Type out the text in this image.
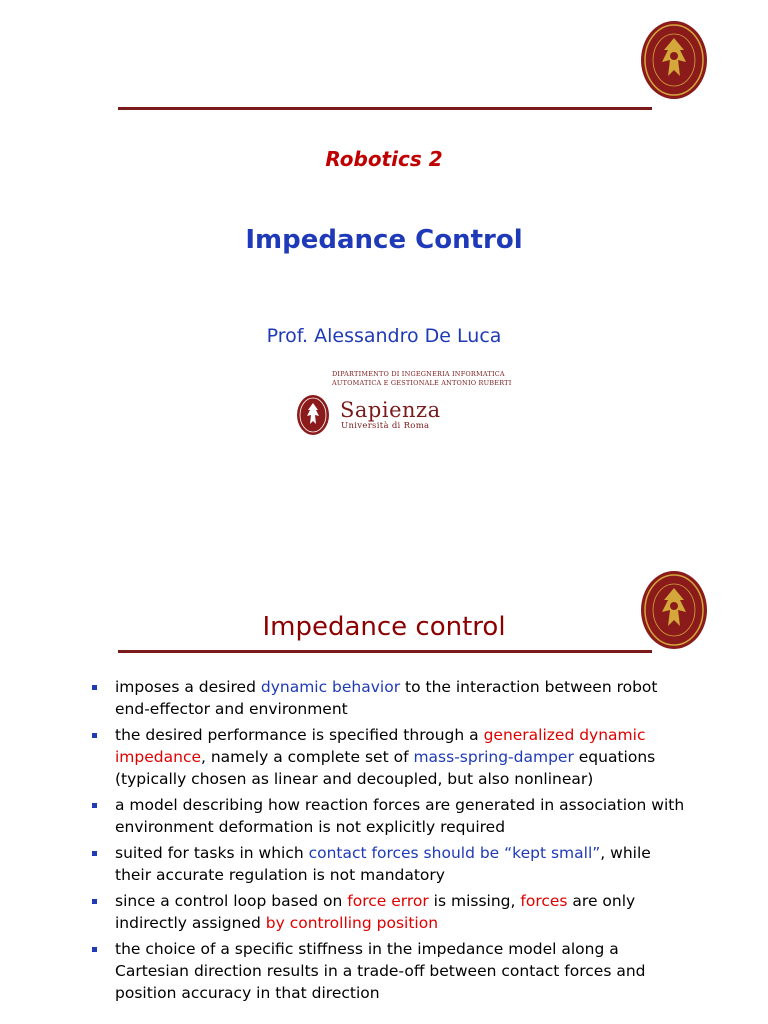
Robotics 2
Impedance Control
Prof. Alessandro De Luca
DIPARTIMENTO DI INGEGNERIA INFORMATICA
AUTOMATICA E GESTIONALE ANTONIO RUBERTI
Sapienza
Università di Roma
Impedance control
imposes a desired dynamic behavior to the interaction between robot end-effector and environment
the desired performance is specified through a generalized dynamic impedance, namely a complete set of mass-spring-damper equations (typically chosen as linear and decoupled, but also nonlinear)
a model describing how reaction forces are generated in association with environment deformation is not explicitly required
suited for tasks in which contact forces should be “kept small”, while their accurate regulation is not mandatory
since a control loop based on force error is missing, forces are only indirectly assigned by controlling position
the choice of a specific stiffness in the impedance model along a Cartesian direction results in a trade-off between contact forces and position accuracy in that direction
